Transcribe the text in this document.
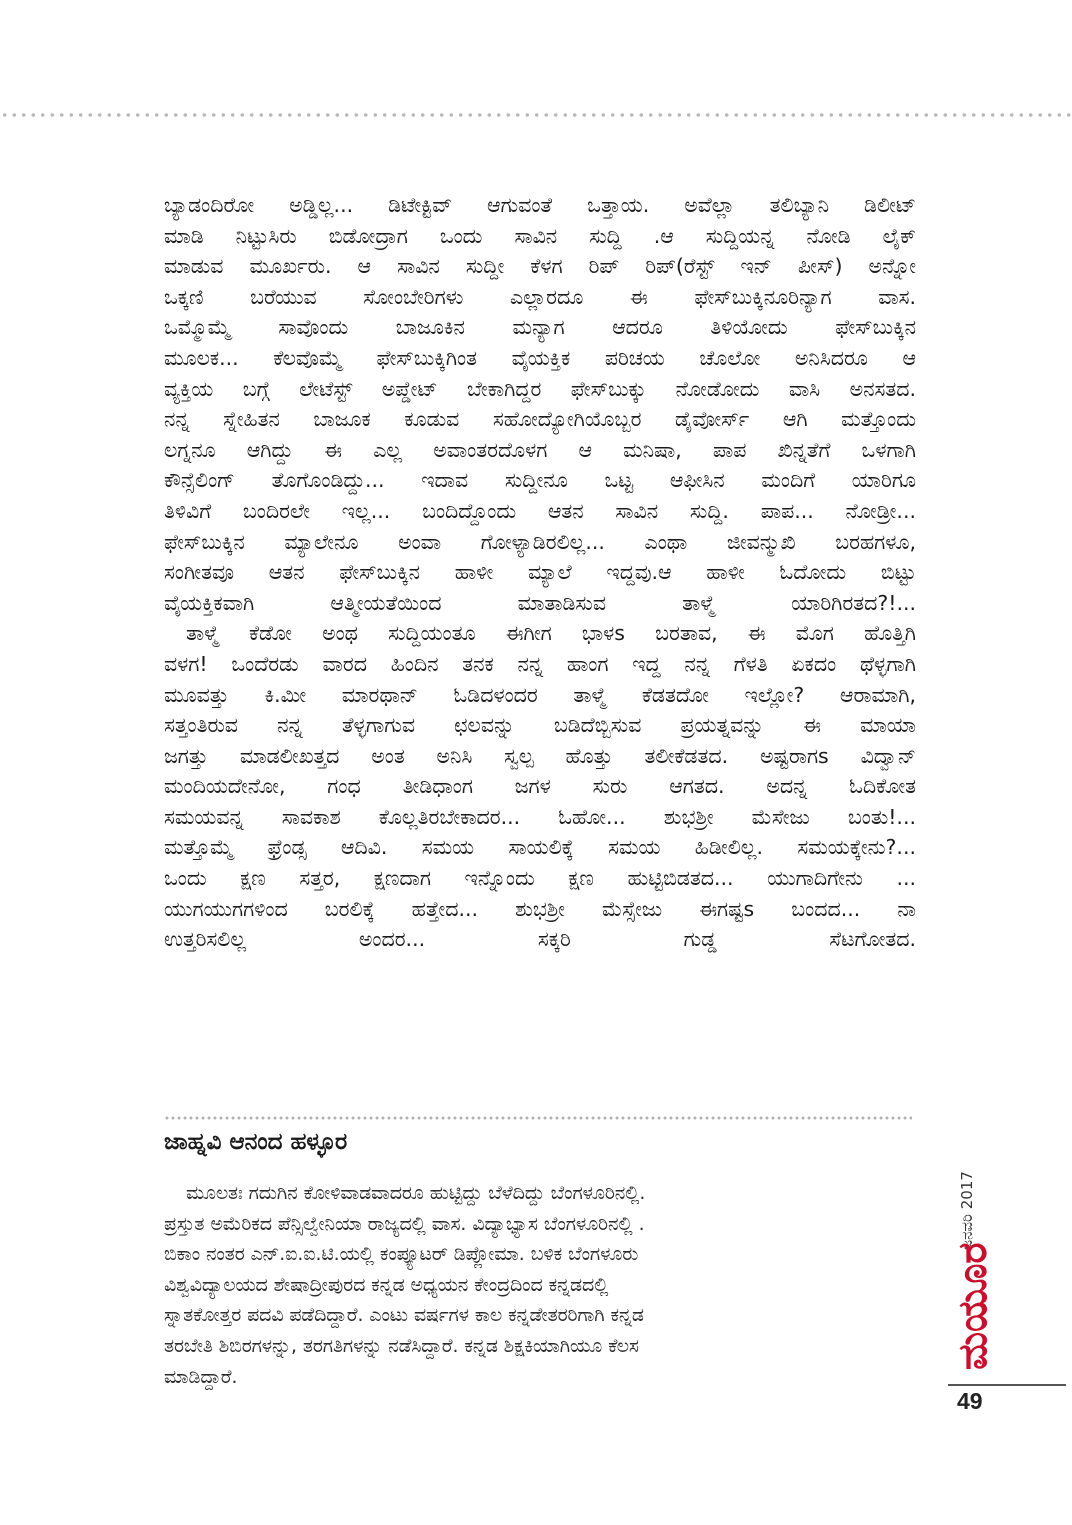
ಬ್ಯಾಡಂದಿರೋ ಅಡ್ಡಿಲ್ಲ... ಡಿಟೇಕ್ಟಿವ್ ಆಗುವಂತೆ ಒತ್ತಾಯ. ಅವೆಲ್ಲಾ ತಲಿಬ್ಯಾನಿ ಡಿಲೀಟ್
ಮಾಡಿ ನಿಟ್ಟುಸಿರು ಬಿಡೋದ್ರಾಗ ಒಂದು ಸಾವಿನ ಸುದ್ದಿ .ಆ ಸುದ್ದಿಯನ್ನ ನೋಡಿ ಲೈಕ್
ಮಾಡುವ ಮೂರ್ಖರು. ಆ ಸಾವಿನ ಸುದ್ದೀ ಕೆಳಗ ರಿಪ್ ರಿಪ್(ರೆಸ್ಟ್ ಇನ್ ಪೀಸ್) ಅನ್ನೋ
ಒಕ್ಕಣಿ ಬರೆಯುವ ಸೋಂಬೇರಿಗಳು ಎಲ್ಲಾರದೂ ಈ ಫೇಸ್‌ಬುಕ್ಕಿನೂರಿನ್ಯಾಗ ವಾಸ.
ಒಮ್ಮೊಮ್ಮೆ ಸಾವೊಂದು ಬಾಜೂಕಿನ ಮನ್ಯಾಗ ಆದರೂ ತಿಳಿಯೋದು ಫೇಸ್‌ಬುಕ್ಕಿನ
ಮೂಲಕ... ಕೆಲವೊಮ್ಮೆ ಫೇಸ್‌ಬುಕ್ಕಿಗಿಂತ ವೈಯಕ್ತಿಕ ಪರಿಚಯ ಚೊಲೋ ಅನಿಸಿದರೂ ಆ
ವ್ಯಕ್ತಿಯ ಬಗ್ಗೆ ಲೇಟೆಸ್ಟ್ ಅಪ್ಡೇಟ್ ಬೇಕಾಗಿದ್ದರ ಫೇಸ್‌ಬುಕ್ಕು ನೋಡೋದು ವಾಸಿ ಅನಸತದ.
ನನ್ನ ಸ್ನೇಹಿತನ ಬಾಜೂಕ ಕೂಡುವ ಸಹೋದ್ಯೋಗಿಯೊಬ್ಬರ ಡೈವೋರ್ಸ್ ಆಗಿ ಮತ್ತೊಂದು
ಲಗ್ನನೂ ಆಗಿದ್ದು ಈ ಎಲ್ಲ ಅವಾಂತರದೊಳಗ ಆ ಮನಿಷಾ, ಪಾಪ ಖಿನ್ನತೆಗೆ ಒಳಗಾಗಿ
ಕೌನ್ಸೆಲಿಂಗ್ ತೊಗೊಂಡಿದ್ದು... ಇದಾವ ಸುದ್ದೀನೂ ಒಟ್ಟ ಆಫೀಸಿನ ಮಂದಿಗೆ ಯಾರಿಗೂ
ತಿಳಿವಿಗೆ ಬಂದಿರಲೇ ಇಲ್ಲ... ಬಂದಿದ್ದೊಂದು ಆತನ ಸಾವಿನ ಸುದ್ದಿ. ಪಾಪ... ನೋಡ್ರೀ...
ಫೇಸ್‌ಬುಕ್ಕಿನ ಮ್ಯಾಲೇನೂ ಅಂವಾ ಗೋಳ್ಯಾಡಿರಲಿಲ್ಲ... ಎಂಥಾ ಜೀವನ್ಮುಖಿ ಬರಹಗಳೂ,
ಸಂಗೀತವೂ ಆತನ ಫೇಸ್‌ಬುಕ್ಕಿನ ಹಾಳೀ ಮ್ಯಾಲೆ ಇದ್ದವು.ಆ ಹಾಳೀ ಓದೋದು ಬಿಟ್ಟು
ವೈಯಕ್ತಿಕವಾಗಿ ಆತ್ಮೀಯತೆಯಿಂದ ಮಾತಾಡಿಸುವ ತಾಳ್ಮೆ ಯಾರಿಗಿರತದ?!...

ತಾಳ್ಮೆ ಕೆಡೋ ಅಂಥ ಸುದ್ದಿಯಂತೂ ಈಗೀಗ ಭಾಳs ಬರತಾವ, ಈ ಮೊಗ ಹೊತ್ತಿಗಿ
ವಳಗ! ಒಂದೆರಡು ವಾರದ ಹಿಂದಿನ ತನಕ ನನ್ನ ಹಾಂಗ ಇದ್ದ ನನ್ನ ಗೆಳತಿ ಏಕದಂ ಥೆಳ್ಳಗಾಗಿ
ಮೂವತ್ತು ಕಿ.ಮೀ ಮಾರಥಾನ್ ಓಡಿದಳಂದರ ತಾಳ್ಮೆ ಕೆಡತದೋ ಇಲ್ಲೋ? ಆರಾಮಾಗಿ,
ಸತ್ತಂತಿರುವ ನನ್ನ ತೆಳ್ಳಗಾಗುವ ಛಲವನ್ನು ಬಡಿದೆಬ್ಬಿಸುವ ಪ್ರಯತ್ನವನ್ನು ಈ ಮಾಯಾ
ಜಗತ್ತು ಮಾಡಲೀಖತ್ತದ ಅಂತ ಅನಿಸಿ ಸ್ವಲ್ಪ ಹೊತ್ತು ತಲೀಕೆಡತದ. ಅಷ್ಟರಾಗs ವಿದ್ವಾನ್
ಮಂದಿಯದೇನೋ, ಗಂಧ ತೀಡಿಧಾಂಗ ಜಗಳ ಸುರು ಆಗತದ. ಅದನ್ನ ಓದಿಕೋತ
ಸಮಯವನ್ನ ಸಾವಕಾಶ ಕೊಲ್ಲತಿರಬೇಕಾದರ... ಓಹೋ... ಶುಭಶ್ರೀ ಮೆಸೇಜು ಬಂತು!...
ಮತ್ತೊಮ್ಮೆ ಫ್ರೆಂಡ್ಸ ಆದಿವಿ. ಸಮಯ ಸಾಯಲಿಕ್ಕೆ ಸಮಯ ಹಿಡೀಲಿಲ್ಲ. ಸಮಯಕ್ಕೇನು?...
ಒಂದು ಕ್ಷಣ ಸತ್ತರ, ಕ್ಷಣದಾಗ ಇನ್ನೊಂದು ಕ್ಷಣ ಹುಟ್ಟಿಬಿಡತದ... ಯುಗಾದಿಗೇನು ...
ಯುಗಯುಗಗಳಿಂದ ಬರಲಿಕ್ಕೆ ಹತ್ತೇದ... ಶುಭಶ್ರೀ ಮೆಸ್ಸೇಜು ಈಗಷ್ಟs ಬಂದದ... ನಾ
ಉತ್ತರಿಸಲಿಲ್ಲ ಅಂದರ... ಸಕ್ಕರಿ ಗುಡ್ಡ ಸೆಟಗೋತದ.

ಜಾಹ್ನವಿ ಆನಂದ ಹಳ್ಳೂರ
ಮೂಲತಃ ಗದುಗಿನ ಕೋಳಿವಾಡವಾದರೂ ಹುಟ್ಟಿದ್ದು ಬೆಳೆದಿದ್ದು ಬೆಂಗಳೂರಿನಲ್ಲಿ.
ಪ್ರಸ್ತುತ ಅಮೆರಿಕದ ಪೆನ್ಸಿಲ್ವೇನಿಯಾ ರಾಜ್ಯದಲ್ಲಿ ವಾಸ. ವಿದ್ಯಾಭ್ಯಾಸ ಬೆಂಗಳೂರಿನಲ್ಲಿ .
ಬಿಕಾಂ ನಂತರ ಎನ್.ಐ.ಐ.ಟಿ.ಯಲ್ಲಿ ಕಂಪ್ಯೂಟರ್ ಡಿಪ್ಲೋಮಾ. ಬಳಿಕ ಬೆಂಗಳೂರು
ವಿಶ್ವವಿದ್ಯಾಲಯದ ಶೇಷಾದ್ರೀಪುರದ ಕನ್ನಡ ಅಧ್ಯಯನ ಕೇಂದ್ರದಿಂದ ಕನ್ನಡದಲ್ಲಿ
ಸ್ನಾತಕೋತ್ತರ ಪದವಿ ಪಡೆದಿದ್ದಾರೆ. ಎಂಟು ವರ್ಷಗಳ ಕಾಲ ಕನ್ನಡೇತರರಿಗಾಗಿ ಕನ್ನಡ
ತರಬೇತಿ ಶಿಬಿರಗಳನ್ನು, ತರಗತಿಗಳನ್ನು ನಡೆಸಿದ್ದಾರೆ. ಕನ್ನಡ ಶಿಕ್ಷಕಿಯಾಗಿಯೂ ಕೆಲಸ
ಮಾಡಿದ್ದಾರೆ.
ಜನವರಿ 2017
ಮಯೂರ
49
